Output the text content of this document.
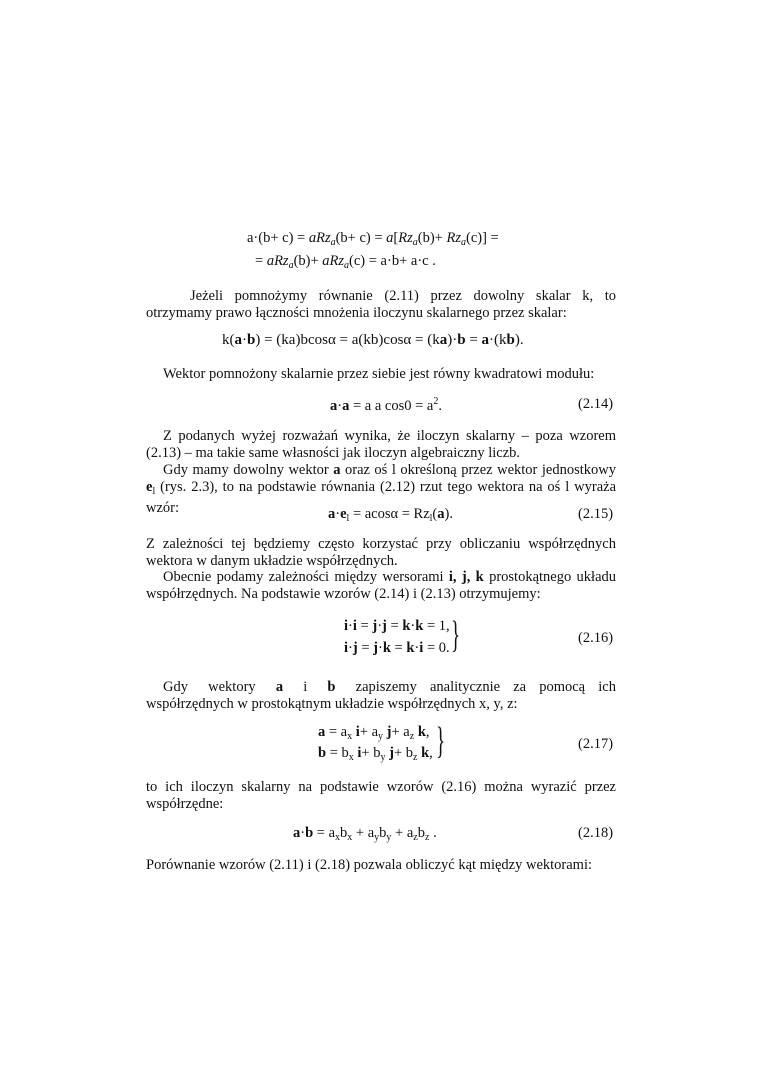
$a\cdot(b+ c) = aRz_a(b+ c) = a[Rz_a(b)+ Rz_a(c)]$ =
= aRz$_a$(b)+ aRz$_a$(c) = a·b+ a·c .
Jeżeli pomnożymy równanie (2.11) przez dowolny skalar k, to otrzymamy prawo łączności mnożenia iloczynu skalarnego przez skalar:
k(a·b) = (ka)bcosα = a(kb)cosα = (ka)·b = a·(kb).
Wektor pomnożony skalarnie przez siebie jest równy kwadratowi modułu:
a·a = a a $\cos 0 = a^2$.	(2.14)
Z podanych wyżej rozważań wynika, że iloczyn skalarny – poza wzorem (2.13) – ma takie same własności jak iloczyn algebraiczny liczb.
Gdy mamy dowolny wektor a oraz oś l określoną przez wektor jednostkowy $e_l$ (rys. 2.3), to na podstawie równania (2.12) rzut tego wektora na oś l wyraża wzór:	$a\cdot e_l = acos\alpha = Rz_l(a)$.	(2.15)
Z zależności tej będziemy często korzystać przy obliczaniu współrzędnych wektora w danym układzie współrzędnych.
Obecnie podamy zależności między wersorami i, j, k prostokątnego układu współrzędnych. Na podstawie wzorów (2.14) i (2.13) otrzymujemy:
i·i = j·j = k·k = 1,
i·j = j·k = k·i = 0. }	(2.16)
Gdy wektory a i b zapiszemy analitycznie za pomocą ich współrzędnych w prostokątnym układzie współrzędnych x, y, z:
$a = a_x$ $i+ a_y$ $j+ a_z$ k,
$b = b_x$ $i+ b_y$ $j+ b_z$ k, }	(2.17)
to ich iloczyn skalarny na podstawie wzorów (2.16) można wyrazić przez współrzędne:
$a\cdot b = a_xb_x + a_yb_y + a_zb_z$ .	(2.18)
Porównanie wzorów (2.11) i (2.18) pozwala obliczyć kąt między wektorami:
